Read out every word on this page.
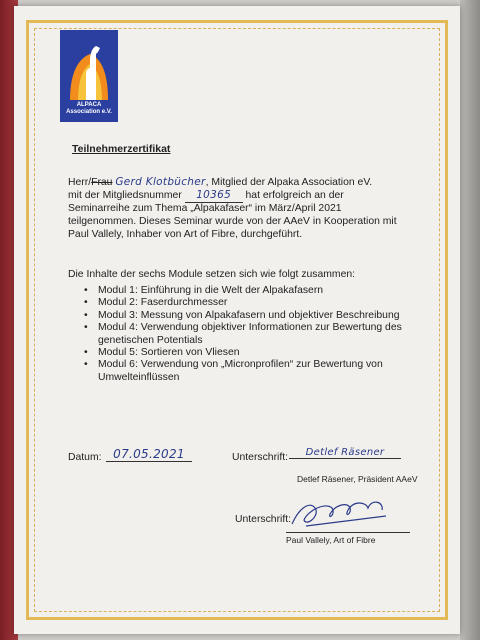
ALPACA
Association e.V.
Teilnehmerzertifikat
Herr/Frau Gerd Klotbücher, Mitglied der Alpaka Association eV.
mit der Mitgliedsnummer 10365 hat erfolgreich an der
Seminarreihe zum Thema „Alpakafaser“ im März/April 2021
teilgenommen. Dieses Seminar wurde von der AAeV in Kooperation mit
Paul Vallely, Inhaber von Art of Fibre, durchgeführt.
Die Inhalte der sechs Module setzen sich wie folgt zusammen:
• Modul 1: Einführung in die Welt der Alpakafasern
• Modul 2: Faserdurchmesser
• Modul 3: Messung von Alpakafasern und objektiver Beschreibung
• Modul 4: Verwendung objektiver Informationen zur Bewertung des
genetischen Potentials
• Modul 5: Sortieren von Vliesen
• Modul 6: Verwendung von „Micronprofilen“ zur Bewertung von
Umwelteinflüssen
Datum: 07.05.2021	Unterschrift:	Detlef Räsener
Detlef Räsener, Präsident AAeV
Unterschrift:
Paul Vallely, Art of Fibre
